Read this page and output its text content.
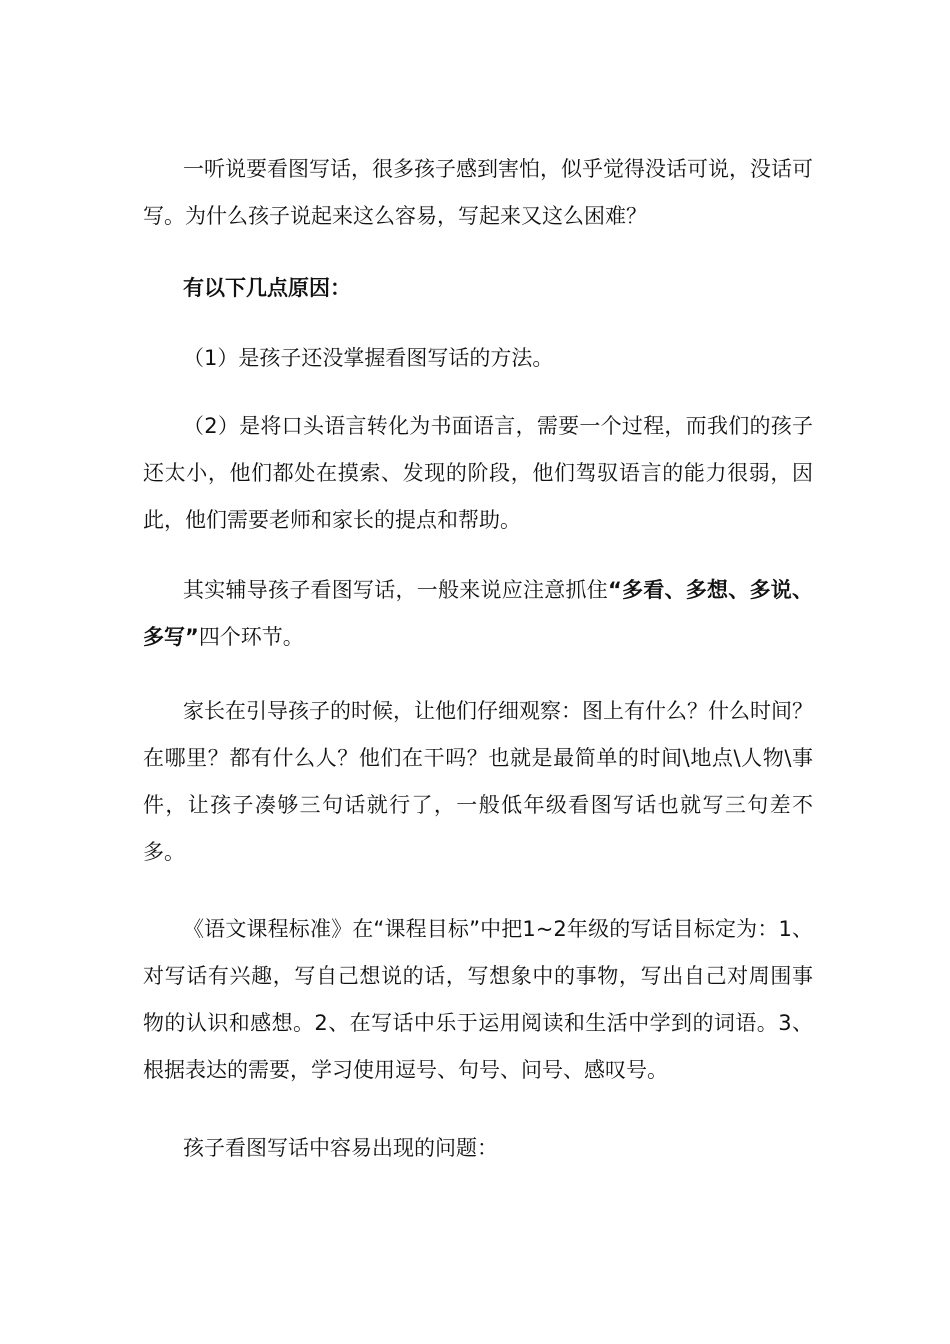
一听说要看图写话，很多孩子感到害怕，似乎觉得没话可说，没话可写。为什么孩子说起来这么容易，写起来又这么困难？

有以下几点原因：

（1）是孩子还没掌握看图写话的方法。

（2）是将口头语言转化为书面语言，需要一个过程，而我们的孩子还太小，他们都处在摸索、发现的阶段，他们驾驭语言的能力很弱，因此，他们需要老师和家长的提点和帮助。

其实辅导孩子看图写话，一般来说应注意抓住“多看、多想、多说、多写”四个环节。

家长在引导孩子的时候，让他们仔细观察：图上有什么？什么时间？在哪里？都有什么人？他们在干吗？也就是最简单的时间\地点\人物\事件，让孩子凑够三句话就行了，一般低年级看图写话也就写三句差不多。

《语文课程标准》在“课程目标”中把1~2年级的写话目标定为：1、对写话有兴趣，写自己想说的话，写想象中的事物，写出自己对周围事物的认识和感想。2、在写话中乐于运用阅读和生活中学到的词语。3、根据表达的需要，学习使用逗号、句号、问号、感叹号。

孩子看图写话中容易出现的问题：
